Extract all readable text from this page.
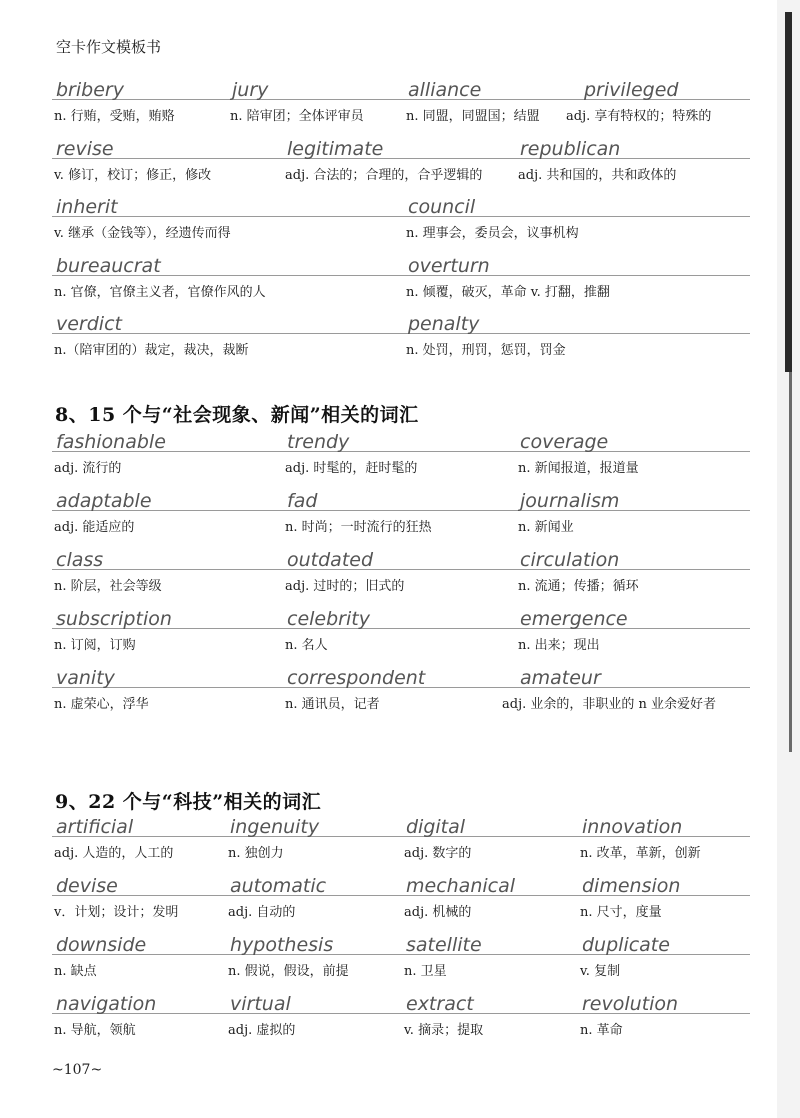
空卡作文模板书
bribery
n. 行贿，受贿，贿赂
jury
n. 陪审团；全体评审员
alliance
n. 同盟，同盟国；结盟
privileged
adj. 享有特权的；特殊的
revise
v. 修订，校订；修正，修改
legitimate
adj. 合法的；合理的，合乎逻辑的
republican
adj. 共和国的，共和政体的
inherit
v. 继承（金钱等），经遗传而得
council
n. 理事会，委员会，议事机构
bureaucrat
n. 官僚，官僚主义者，官僚作风的人
overturn
n. 倾覆，破灭，革命 v. 打翻，推翻
verdict
n.（陪审团的）裁定，裁决，裁断
penalty
n. 处罚，刑罚，惩罚，罚金
8、15 个与“社会现象、新闻”相关的词汇
fashionable
adj. 流行的
trendy
adj. 时髦的，赶时髦的
coverage
n. 新闻报道，报道量
adaptable
adj. 能适应的
fad
n. 时尚；一时流行的狂热
journalism
n. 新闻业
class
n. 阶层，社会等级
outdated
adj. 过时的；旧式的
circulation
n. 流通；传播；循环
subscription
n. 订阅，订购
celebrity
n. 名人
emergence
n. 出来；现出
vanity
n. 虚荣心，浮华
correspondent
n. 通讯员，记者
amateur
adj. 业余的，非职业的 n 业余爱好者
9、22 个与“科技”相关的词汇
artificial
adj. 人造的，人工的
ingenuity
n. 独创力
digital
adj. 数字的
innovation
n. 改革，革新，创新
devise
v．计划；设计；发明
automatic
adj. 自动的
mechanical
adj. 机械的
dimension
n. 尺寸，度量
downside
n. 缺点
hypothesis
n. 假说，假设，前提
satellite
n. 卫星
duplicate
v. 复制
navigation
n. 导航，领航
virtual
adj. 虚拟的
extract
v. 摘录；提取
revolution
n. 革命

~107~
